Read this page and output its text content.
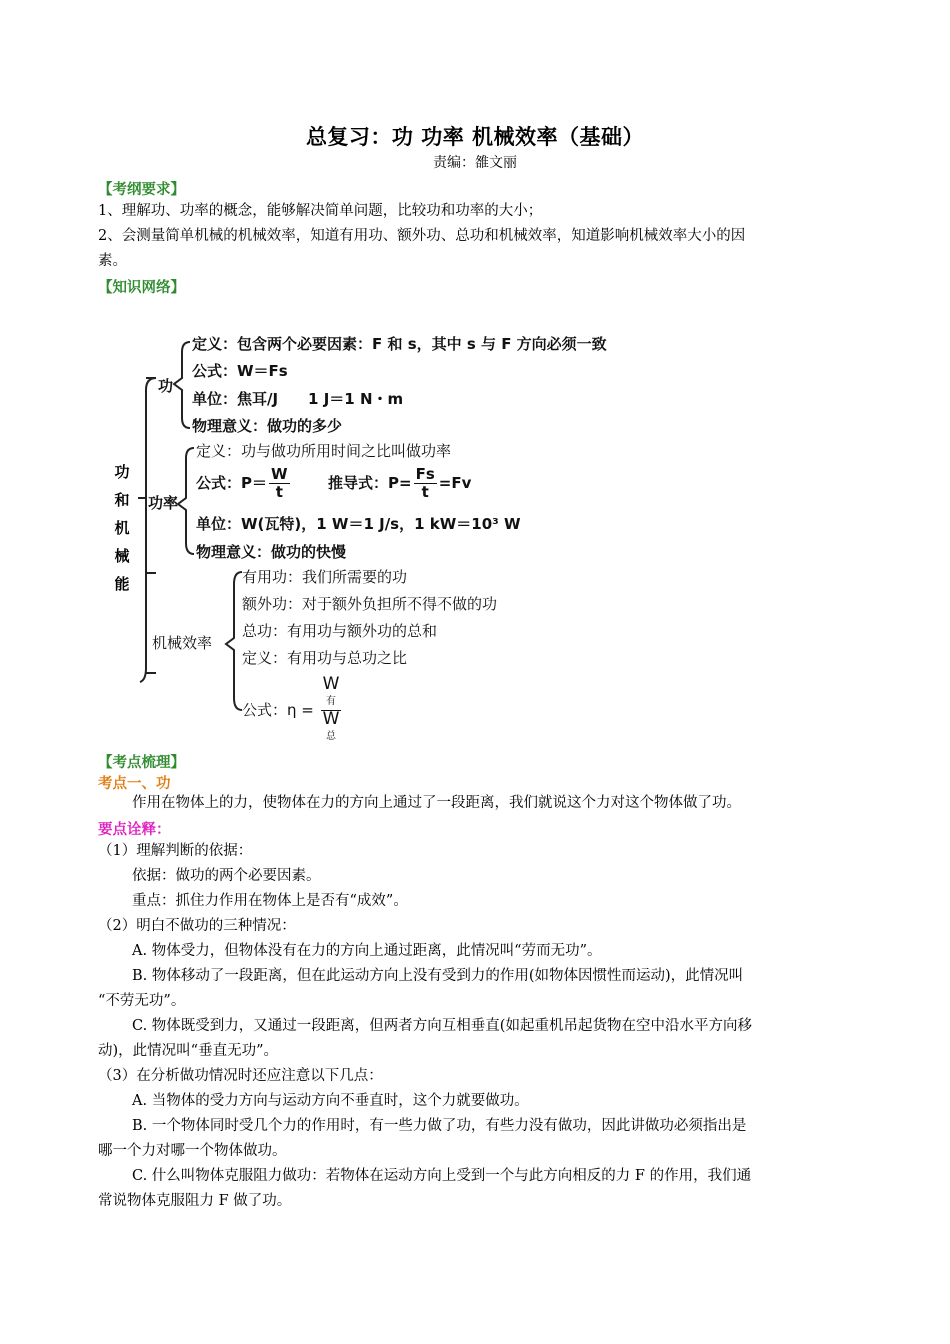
总复习：功 功率 机械效率（基础）
责编：雒文丽
【考纲要求】
1、理解功、功率的概念，能够解决简单问题，比较功和功率的大小；
2、会测量简单机械的机械效率，知道有用功、额外功、总功和机械效率，知道影响机械效率大小的因
素。
【知识网络】
功
和
机
械
能
功
定义：包含两个必要因素：F 和 s，其中 s 与 F 方向必须一致
公式：W＝Fs
单位：焦耳/J　　1 J＝1 N・m
物理意义：做功的多少
功率
定义：功与做功所用时间之比叫做功率
公式：$P= \frac{W}{t}$	推导式：$P= \frac{Fs}{t} =Fv$
单位：W(瓦特)，1 W＝1 J/s，1 kW＝10³ W
物理意义：做功的快慢
机械效率
有用功：我们所需要的功
额外功：对于额外负担所不得不做的功
总功：有用功与额外功的总和
定义：有用功与总功之比
公式：η = W
有
W
总
【考点梳理】
考点一、功
作用在物体上的力，使物体在力的方向上通过了一段距离，我们就说这个力对这个物体做了功。
要点诠释：
（1）理解判断的依据：
依据：做功的两个必要因素。
重点：抓住力作用在物体上是否有“成效”。
（2）明白不做功的三种情况：
A. 物体受力，但物体没有在力的方向上通过距离，此情况叫“劳而无功”。
B. 物体移动了一段距离，但在此运动方向上没有受到力的作用(如物体因惯性而运动)，此情况叫
“不劳无功”。
C. 物体既受到力，又通过一段距离，但两者方向互相垂直(如起重机吊起货物在空中沿水平方向移
动)，此情况叫“垂直无功”。
（3）在分析做功情况时还应注意以下几点：
A. 当物体的受力方向与运动方向不垂直时，这个力就要做功。
B. 一个物体同时受几个力的作用时，有一些力做了功，有些力没有做功，因此讲做功必须指出是
哪一个力对哪一个物体做功。
C. 什么叫物体克服阻力做功：若物体在运动方向上受到一个与此方向相反的力 F 的作用，我们通
常说物体克服阻力 F 做了功。
